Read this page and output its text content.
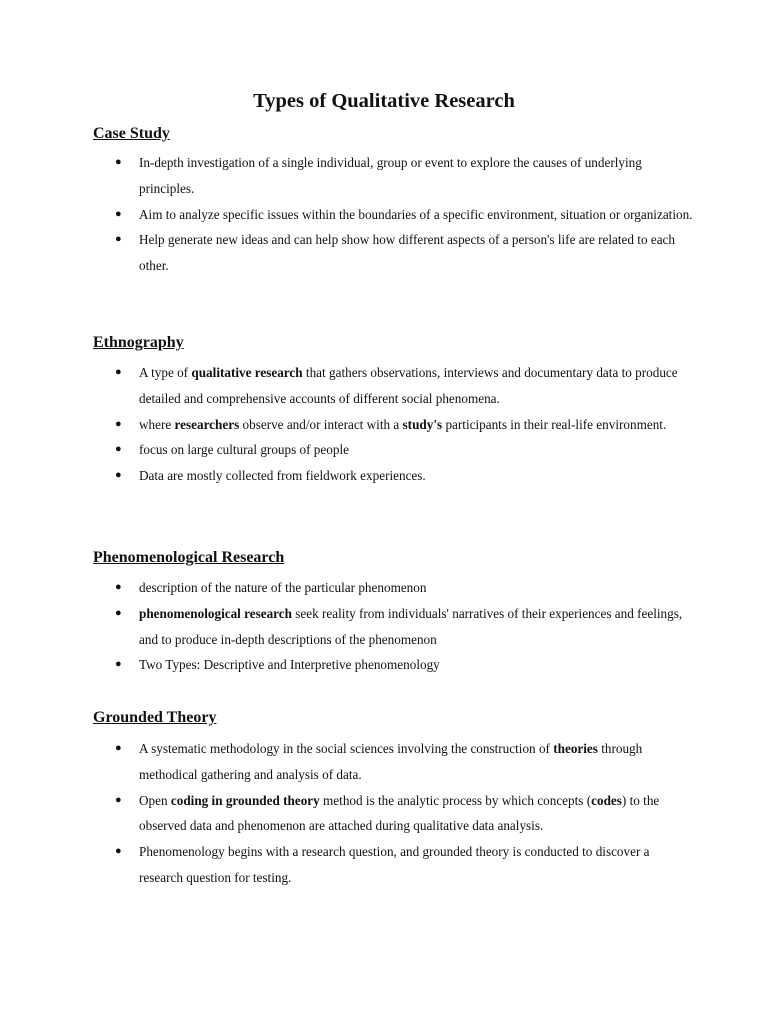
Types of Qualitative Research
Case Study
● In-depth investigation of a single individual, group or event to explore the causes of underlying principles.
● Aim to analyze specific issues within the boundaries of a specific environment, situation or organization.
● Help generate new ideas and can help show how different aspects of a person's life are related to each other.
Ethnography
● A type of qualitative research that gathers observations, interviews and documentary data to produce detailed and comprehensive accounts of different social phenomena.
● where researchers observe and/or interact with a study's participants in their real-life environment.
● focus on large cultural groups of people
● Data are mostly collected from fieldwork experiences.
Phenomenological Research
● description of the nature of the particular phenomenon
● phenomenological research seek reality from individuals' narratives of their experiences and feelings, and to produce in-depth descriptions of the phenomenon
● Two Types: Descriptive and Interpretive phenomenology
Grounded Theory
● A systematic methodology in the social sciences involving the construction of theories through methodical gathering and analysis of data.
● Open coding in grounded theory method is the analytic process by which concepts (codes) to the observed data and phenomenon are attached during qualitative data analysis.
● Phenomenology begins with a research question, and grounded theory is conducted to discover a research question for testing.
